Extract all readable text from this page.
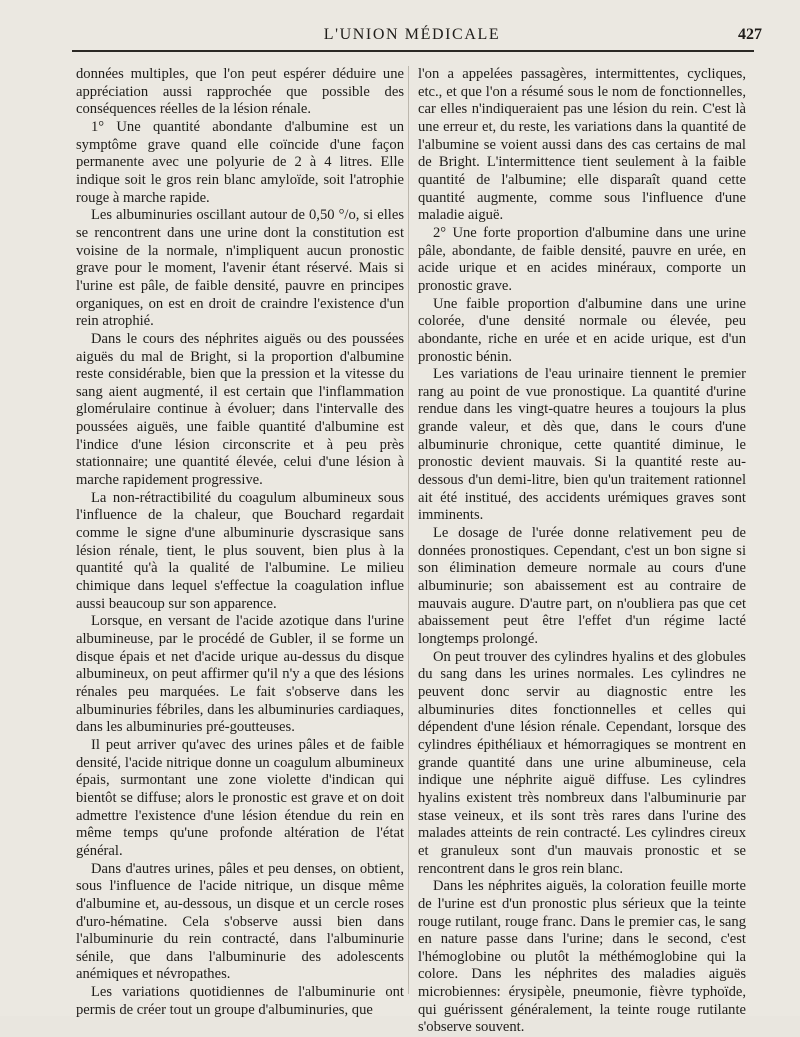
L'UNION MÉDICALE	427

données multiples, que l'on peut espérer déduire une appréciation aussi rapprochée que possible des conséquences réelles de la lésion rénale.

1° Une quantité abondante d'albumine est un symptôme grave quand elle coïncide d'une façon permanente avec une polyurie de 2 à 4 litres. Elle indique soit le gros rein blanc amyloïde, soit l'atrophie rouge à marche rapide.

Les albuminuries oscillant autour de 0,50 °/o, si elles se rencontrent dans une urine dont la constitution est voisine de la normale, n'impliquent aucun pronostic grave pour le moment, l'avenir étant réservé. Mais si l'urine est pâle, de faible densité, pauvre en principes organiques, on est en droit de craindre l'existence d'un rein atrophié.

Dans le cours des néphrites aiguës ou des poussées aiguës du mal de Bright, si la proportion d'albumine reste considérable, bien que la pression et la vitesse du sang aient augmenté, il est certain que l'inflammation glomérulaire continue à évoluer; dans l'intervalle des poussées aiguës, une faible quantité d'albumine est l'indice d'une lésion circonscrite et à peu près stationnaire; une quantité élevée, celui d'une lésion à marche rapidement progressive.

La non-rétractibilité du coagulum albumineux sous l'influence de la chaleur, que Bouchard regardait comme le signe d'une albuminurie dyscrasique sans lésion rénale, tient, le plus souvent, bien plus à la quantité qu'à la qualité de l'albumine. Le milieu chimique dans lequel s'effectue la coagulation influe aussi beaucoup sur son apparence.

Lorsque, en versant de l'acide azotique dans l'urine albumineuse, par le procédé de Gubler, il se forme un disque épais et net d'acide urique au-dessus du disque albumineux, on peut affirmer qu'il n'y a que des lésions rénales peu marquées. Le fait s'observe dans les albuminuries fébriles, dans les albuminuries cardiaques, dans les albuminuries pré-goutteuses.

Il peut arriver qu'avec des urines pâles et de faible densité, l'acide nitrique donne un coagulum albumineux épais, surmontant une zone violette d'indican qui bientôt se diffuse; alors le pronostic est grave et on doit admettre l'existence d'une lésion étendue du rein en même temps qu'une profonde altération de l'état général.

Dans d'autres urines, pâles et peu denses, on obtient, sous l'influence de l'acide nitrique, un disque même d'albumine et, au-dessous, un disque et un cercle roses d'uro-hématine. Cela s'observe aussi bien dans l'albuminurie du rein contracté, dans l'albuminurie sénile, que dans l'albuminurie des adolescents anémiques et névropathes.

Les variations quotidiennes de l'albuminurie ont permis de créer tout un groupe d'albuminuries, que

l'on a appelées passagères, intermittentes, cycliques, etc., et que l'on a résumé sous le nom de fonctionnelles, car elles n'indiqueraient pas une lésion du rein. C'est là une erreur et, du reste, les variations dans la quantité de l'albumine se voient aussi dans des cas certains de mal de Bright. L'intermittence tient seulement à la faible quantité de l'albumine; elle disparaît quand cette quantité augmente, comme sous l'influence d'une maladie aiguë.

2° Une forte proportion d'albumine dans une urine pâle, abondante, de faible densité, pauvre en urée, en acide urique et en acides minéraux, comporte un pronostic grave.

Une faible proportion d'albumine dans une urine colorée, d'une densité normale ou élevée, peu abondante, riche en urée et en acide urique, est d'un pronostic bénin.

Les variations de l'eau urinaire tiennent le premier rang au point de vue pronostique. La quantité d'urine rendue dans les vingt-quatre heures a toujours la plus grande valeur, et dès que, dans le cours d'une albuminurie chronique, cette quantité diminue, le pronostic devient mauvais. Si la quantité reste au-dessous d'un demi-litre, bien qu'un traitement rationnel ait été institué, des accidents urémiques graves sont imminents.

Le dosage de l'urée donne relativement peu de données pronostiques. Cependant, c'est un bon signe si son élimination demeure normale au cours d'une albuminurie; son abaissement est au contraire de mauvais augure. D'autre part, on n'oubliera pas que cet abaissement peut être l'effet d'un régime lacté longtemps prolongé.

On peut trouver des cylindres hyalins et des globules du sang dans les urines normales. Les cylindres ne peuvent donc servir au diagnostic entre les albuminuries dites fonctionnelles et celles qui dépendent d'une lésion rénale. Cependant, lorsque des cylindres épithéliaux et hémorragiques se montrent en grande quantité dans une urine albumineuse, cela indique une néphrite aiguë diffuse. Les cylindres hyalins existent très nombreux dans l'albuminurie par stase veineux, et ils sont très rares dans l'urine des malades atteints de rein contracté. Les cylindres cireux et granuleux sont d'un mauvais pronostic et se rencontrent dans le gros rein blanc.

Dans les néphrites aiguës, la coloration feuille morte de l'urine est d'un pronostic plus sérieux que la teinte rouge rutilant, rouge franc. Dans le premier cas, le sang en nature passe dans l'urine; dans le second, c'est l'hémoglobine ou plutôt la méthémoglobine qui la colore. Dans les néphrites des maladies aiguës microbiennes: érysipèle, pneumonie, fièvre typhoïde, qui guérissent généralement, la teinte rouge rutilante s'observe souvent.
